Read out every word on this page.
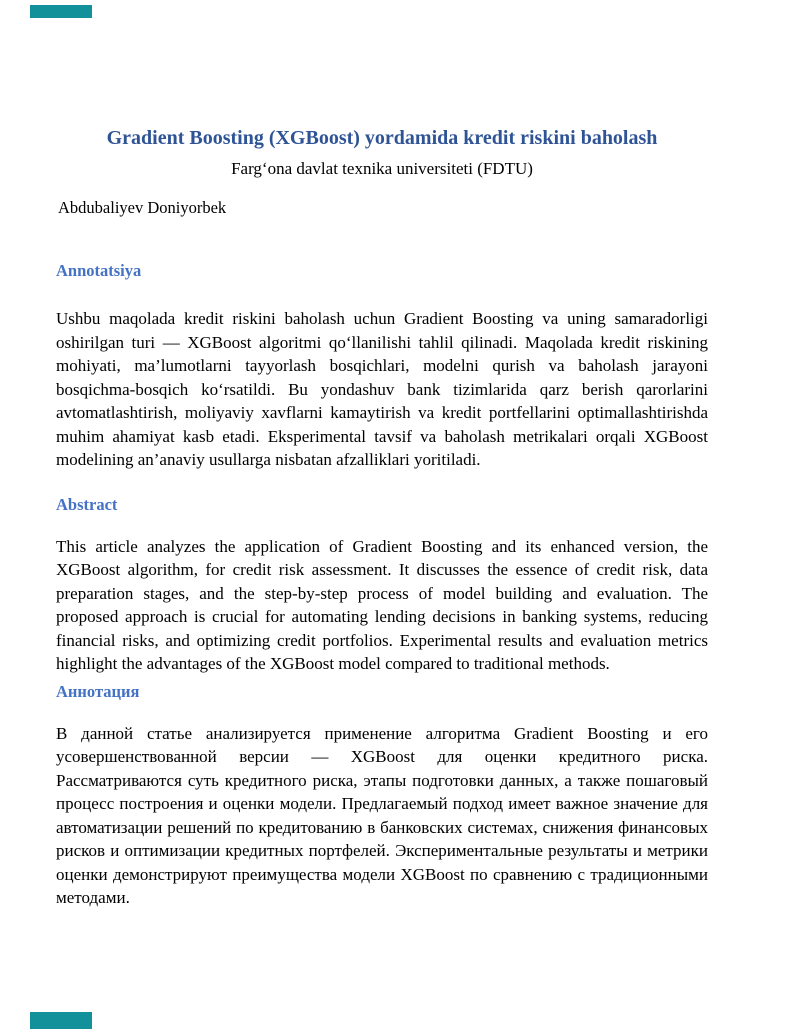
Gradient Boosting (XGBoost) yordamida kredit riskini baholash
Farg‘ona davlat texnika universiteti (FDTU)
Abdubaliyev Doniyorbek
Annotatsiya

Ushbu maqolada kredit riskini baholash uchun Gradient Boosting va uning samaradorligi oshirilgan turi — XGBoost algoritmi qo‘llanilishi tahlil qilinadi. Maqolada kredit riskining mohiyati, ma’lumotlarni tayyorlash bosqichlari, modelni qurish va baholash jarayoni bosqichma-bosqich ko‘rsatildi. Bu yondashuv bank tizimlarida qarz berish qarorlarini avtomatlashtirish, moliyaviy xavflarni kamaytirish va kredit portfellarini optimallashtirishda muhim ahamiyat kasb etadi. Eksperimental tavsif va baholash metrikalari orqali XGBoost modelining an’anaviy usullarga nisbatan afzalliklari yoritiladi.

Abstract

This article analyzes the application of Gradient Boosting and its enhanced version, the XGBoost algorithm, for credit risk assessment. It discusses the essence of credit risk, data preparation stages, and the step-by-step process of model building and evaluation. The proposed approach is crucial for automating lending decisions in banking systems, reducing financial risks, and optimizing credit portfolios. Experimental results and evaluation metrics highlight the advantages of the XGBoost model compared to traditional methods.

Аннотация

В данной статье анализируется применение алгоритма Gradient Boosting и его усовершенствованной версии — XGBoost для оценки кредитного риска. Рассматриваются суть кредитного риска, этапы подготовки данных, а также пошаговый процесс построения и оценки модели. Предлагаемый подход имеет важное значение для автоматизации решений по кредитованию в банковских системах, снижения финансовых рисков и оптимизации кредитных портфелей. Экспериментальные результаты и метрики оценки демонстрируют преимущества модели XGBoost по сравнению с традиционными методами.
